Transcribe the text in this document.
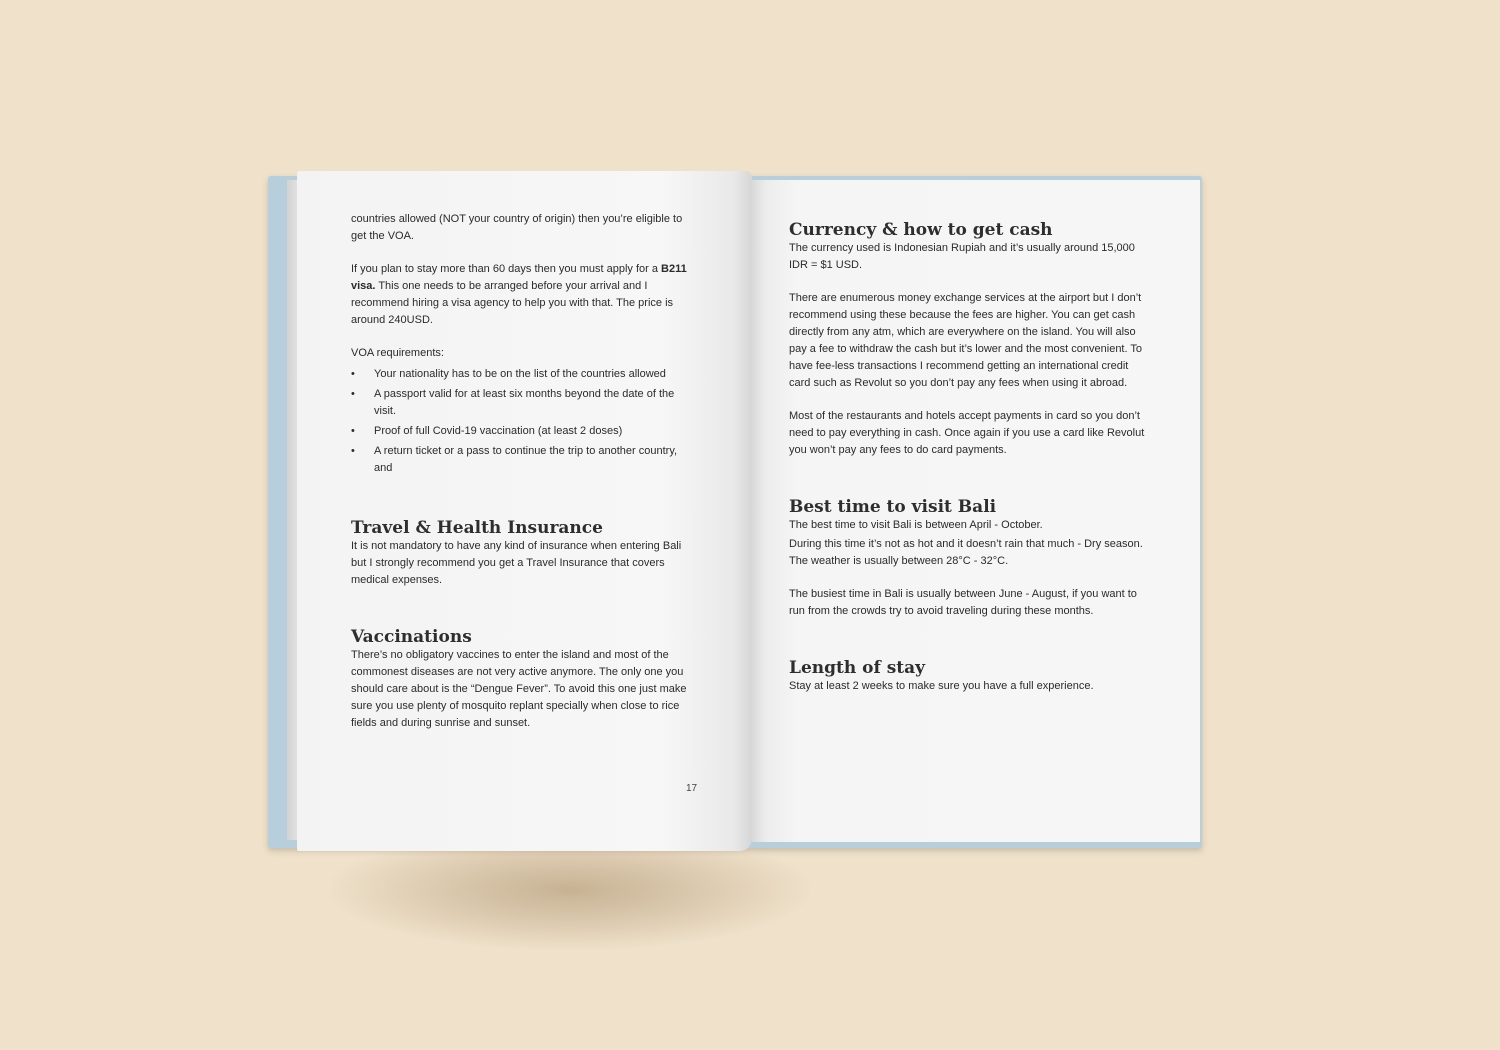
countries allowed (NOT your country of origin) then you’re eligible to get the VOA.

If you plan to stay more than 60 days then you must apply for a B211 visa. This one needs to be arranged before your arrival and I recommend hiring a visa agency to help you with that. The price is around 240USD.

VOA requirements:

• Your nationality has to be on the list of the countries allowed
• A passport valid for at least six months beyond the date of the visit.
• Proof of full Covid-19 vaccination (at least 2 doses)
• A return ticket or a pass to continue the trip to another country, and
Travel & Health Insurance

It is not mandatory to have any kind of insurance when entering Bali but I strongly recommend you get a Travel Insurance that covers medical expenses.

Vaccinations

There’s no obligatory vaccines to enter the island and most of the commonest diseases are not very active anymore. The only one you should care about is the “Dengue Fever”. To avoid this one just make sure you use plenty of mosquito replant specially when close to rice fields and during sunrise and sunset.

17
Currency & how to get cash

The currency used is Indonesian Rupiah and it’s usually around 15,000 IDR = $1 USD.

There are enumerous money exchange services at the airport but I don’t recommend using these because the fees are higher. You can get cash directly from any atm, which are everywhere on the island. You will also pay a fee to withdraw the cash but it’s lower and the most convenient. To have fee-less transactions I recommend getting an international credit card such as Revolut so you don’t pay any fees when using it abroad.

Most of the restaurants and hotels accept payments in card so you don’t need to pay everything in cash. Once again if you use a card like Revolut you won’t pay any fees to do card payments.

Best time to visit Bali

The best time to visit Bali is between April - October.

During this time it’s not as hot and it doesn’t rain that much - Dry season. The weather is usually between 28°C - 32°C.

The busiest time in Bali is usually between June - August, if you want to run from the crowds try to avoid traveling during these months.

Length of stay

Stay at least 2 weeks to make sure you have a full experience.
